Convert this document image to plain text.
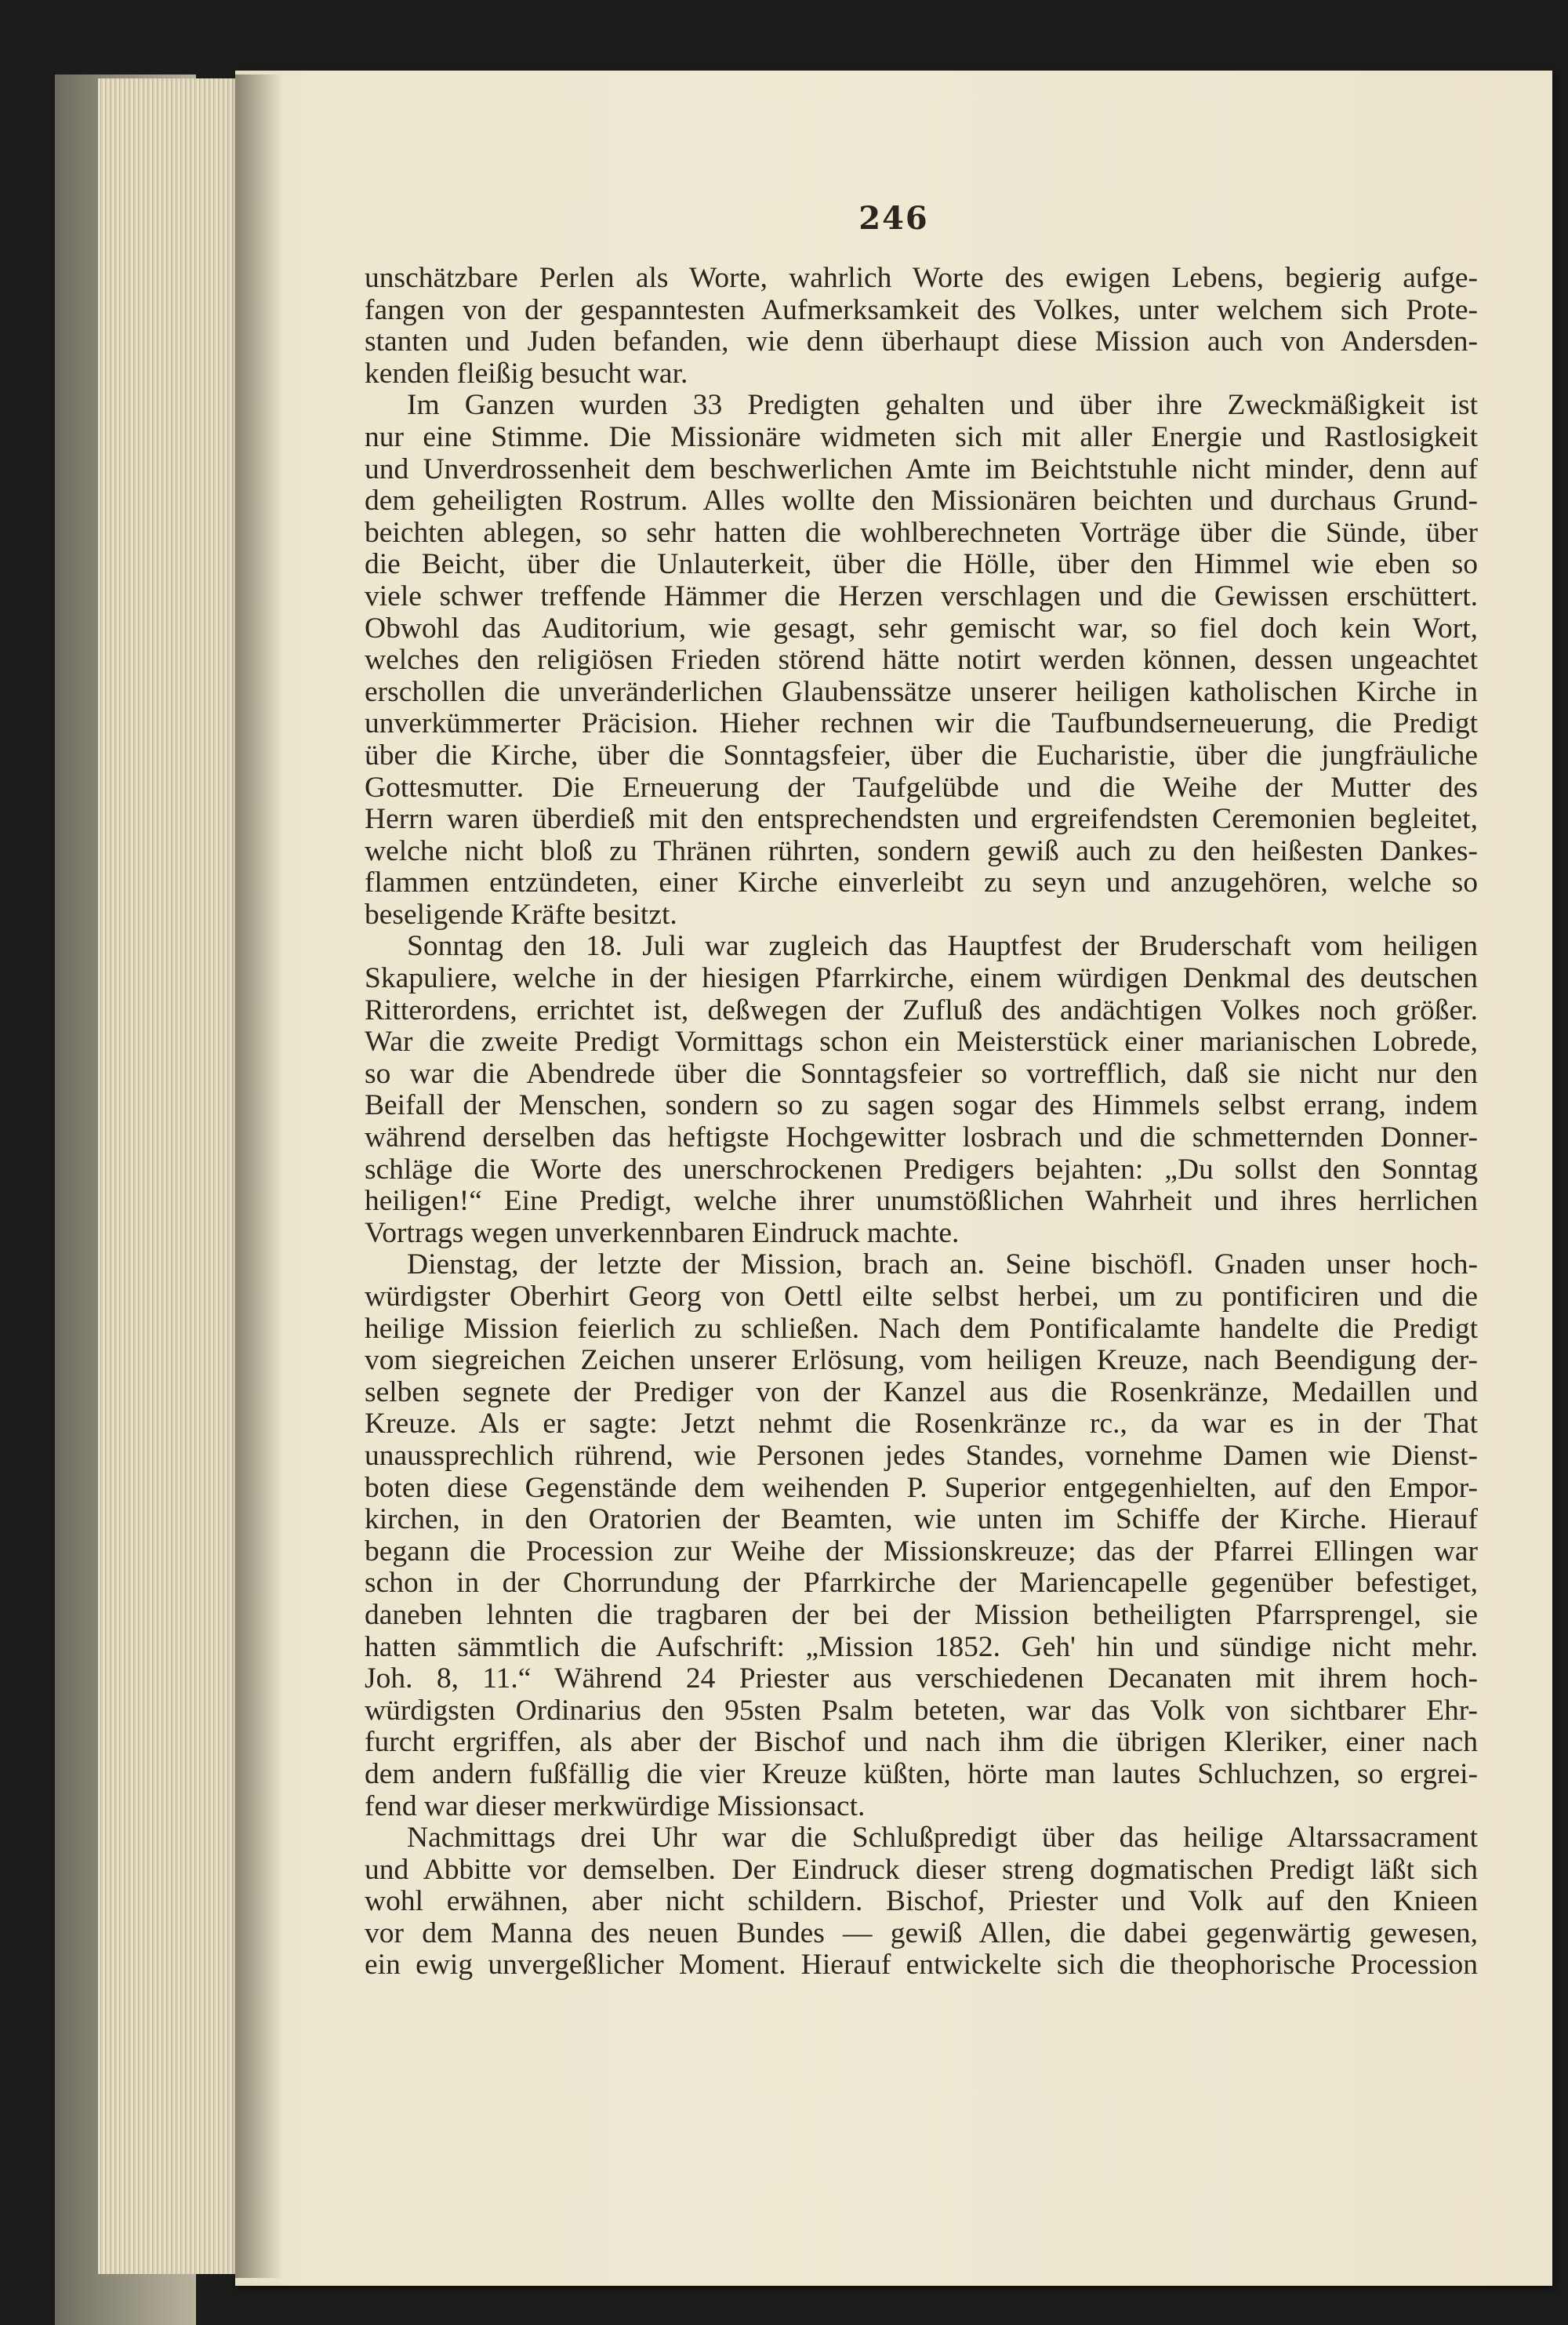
246
unschätzbare Perlen als Worte, wahrlich Worte des ewigen Lebens, begierig aufge-
fangen von der gespanntesten Aufmerksamkeit des Volkes, unter welchem sich Prote-
stanten und Juden befanden, wie denn überhaupt diese Mission auch von Andersden-
kenden fleißig besucht war.
Im Ganzen wurden 33 Predigten gehalten und über ihre Zweckmäßigkeit ist
nur eine Stimme. Die Missionäre widmeten sich mit aller Energie und Rastlosigkeit
und Unverdrossenheit dem beschwerlichen Amte im Beichtstuhle nicht minder, denn auf
dem geheiligten Rostrum. Alles wollte den Missionären beichten und durchaus Grund-
beichten ablegen, so sehr hatten die wohlberechneten Vorträge über die Sünde, über
die Beicht, über die Unlauterkeit, über die Hölle, über den Himmel wie eben so
viele schwer treffende Hämmer die Herzen verschlagen und die Gewissen erschüttert.
Obwohl das Auditorium, wie gesagt, sehr gemischt war, so fiel doch kein Wort,
welches den religiösen Frieden störend hätte notirt werden können, dessen ungeachtet
erschollen die unveränderlichen Glaubenssätze unserer heiligen katholischen Kirche in
unverkümmerter Präcision. Hieher rechnen wir die Taufbundserneuerung, die Predigt
über die Kirche, über die Sonntagsfeier, über die Eucharistie, über die jungfräuliche
Gottesmutter. Die Erneuerung der Taufgelübde und die Weihe der Mutter des
Herrn waren überdieß mit den entsprechendsten und ergreifendsten Ceremonien begleitet,
welche nicht bloß zu Thränen rührten, sondern gewiß auch zu den heißesten Dankes-
flammen entzündeten, einer Kirche einverleibt zu seyn und anzugehören, welche so
beseligende Kräfte besitzt.
Sonntag den 18. Juli war zugleich das Hauptfest der Bruderschaft vom heiligen
Skapuliere, welche in der hiesigen Pfarrkirche, einem würdigen Denkmal des deutschen
Ritterordens, errichtet ist, deßwegen der Zufluß des andächtigen Volkes noch größer.
War die zweite Predigt Vormittags schon ein Meisterstück einer marianischen Lobrede,
so war die Abendrede über die Sonntagsfeier so vortrefflich, daß sie nicht nur den
Beifall der Menschen, sondern so zu sagen sogar des Himmels selbst errang, indem
während derselben das heftigste Hochgewitter losbrach und die schmetternden Donner-
schläge die Worte des unerschrockenen Predigers bejahten: „Du sollst den Sonntag
heiligen!“ Eine Predigt, welche ihrer unumstößlichen Wahrheit und ihres herrlichen
Vortrags wegen unverkennbaren Eindruck machte.
Dienstag, der letzte der Mission, brach an. Seine bischöfl. Gnaden unser hoch-
würdigster Oberhirt Georg von Oettl eilte selbst herbei, um zu pontificiren und die
heilige Mission feierlich zu schließen. Nach dem Pontificalamte handelte die Predigt
vom siegreichen Zeichen unserer Erlösung, vom heiligen Kreuze, nach Beendigung der-
selben segnete der Prediger von der Kanzel aus die Rosenkränze, Medaillen und
Kreuze. Als er sagte: Jetzt nehmt die Rosenkränze rc., da war es in der That
unaussprechlich rührend, wie Personen jedes Standes, vornehme Damen wie Dienst-
boten diese Gegenstände dem weihenden P. Superior entgegenhielten, auf den Empor-
kirchen, in den Oratorien der Beamten, wie unten im Schiffe der Kirche. Hierauf
begann die Procession zur Weihe der Missionskreuze; das der Pfarrei Ellingen war
schon in der Chorrundung der Pfarrkirche der Mariencapelle gegenüber befestiget,
daneben lehnten die tragbaren der bei der Mission betheiligten Pfarrsprengel, sie
hatten sämmtlich die Aufschrift: „Mission 1852. Geh' hin und sündige nicht mehr.
Joh. 8, 11.“ Während 24 Priester aus verschiedenen Decanaten mit ihrem hoch-
würdigsten Ordinarius den 95sten Psalm beteten, war das Volk von sichtbarer Ehr-
furcht ergriffen, als aber der Bischof und nach ihm die übrigen Kleriker, einer nach
dem andern fußfällig die vier Kreuze küßten, hörte man lautes Schluchzen, so ergrei-
fend war dieser merkwürdige Missionsact.
Nachmittags drei Uhr war die Schlußpredigt über das heilige Altarssacrament
und Abbitte vor demselben. Der Eindruck dieser streng dogmatischen Predigt läßt sich
wohl erwähnen, aber nicht schildern. Bischof, Priester und Volk auf den Knieen
vor dem Manna des neuen Bundes — gewiß Allen, die dabei gegenwärtig gewesen,
ein ewig unvergeßlicher Moment. Hierauf entwickelte sich die theophorische Procession
